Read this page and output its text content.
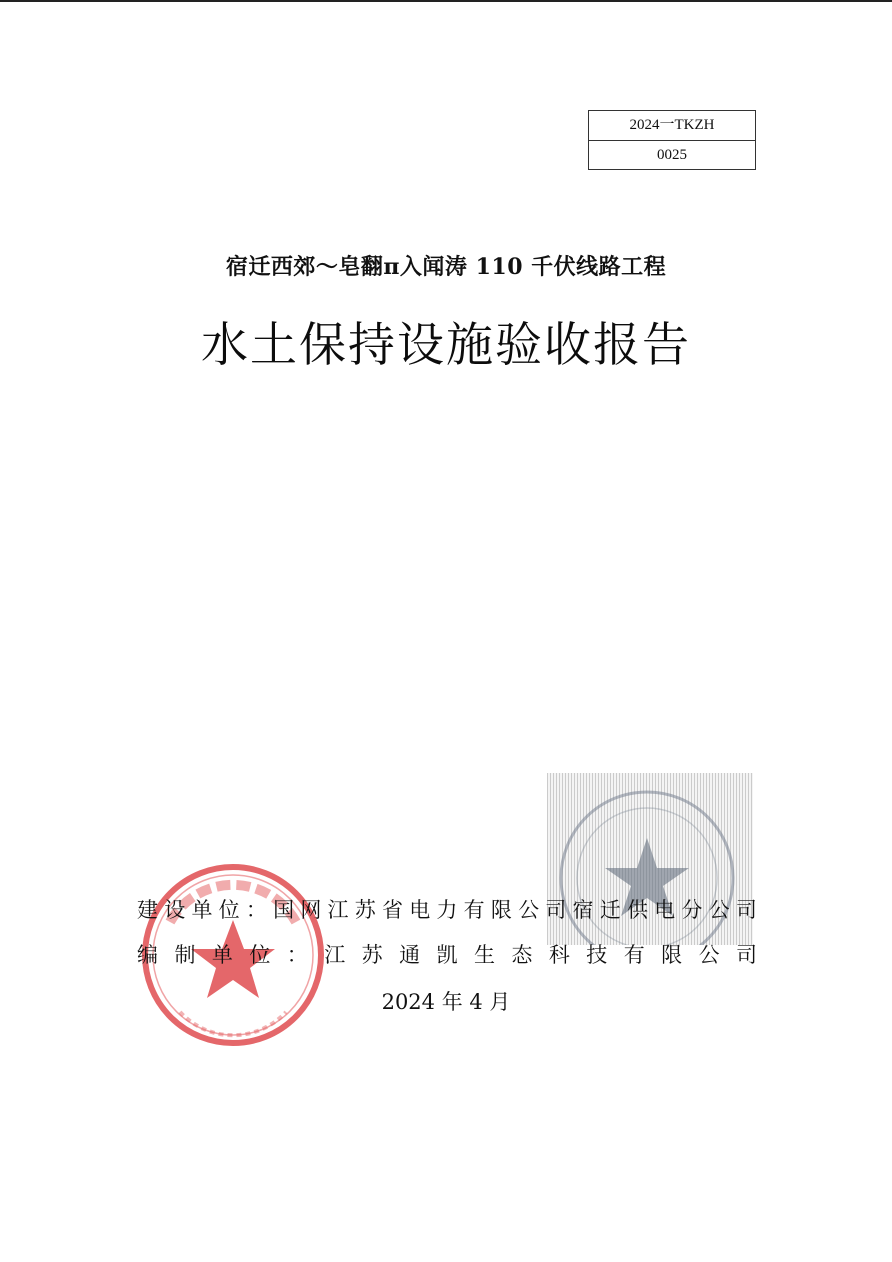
2024一TKZH
0025
宿迁西郊～皂翻π入闻涛 110 千伏线路工程
水土保持设施验收报告
建 设 单 位 ： 国 网 江 苏 省 电 力 有 限 公 司 宿 迁 供 电 分 公 司
编 制 单 位 ： 江 苏 通 凯 生 态 科 技 有 限 公 司
2024 年 4 月
